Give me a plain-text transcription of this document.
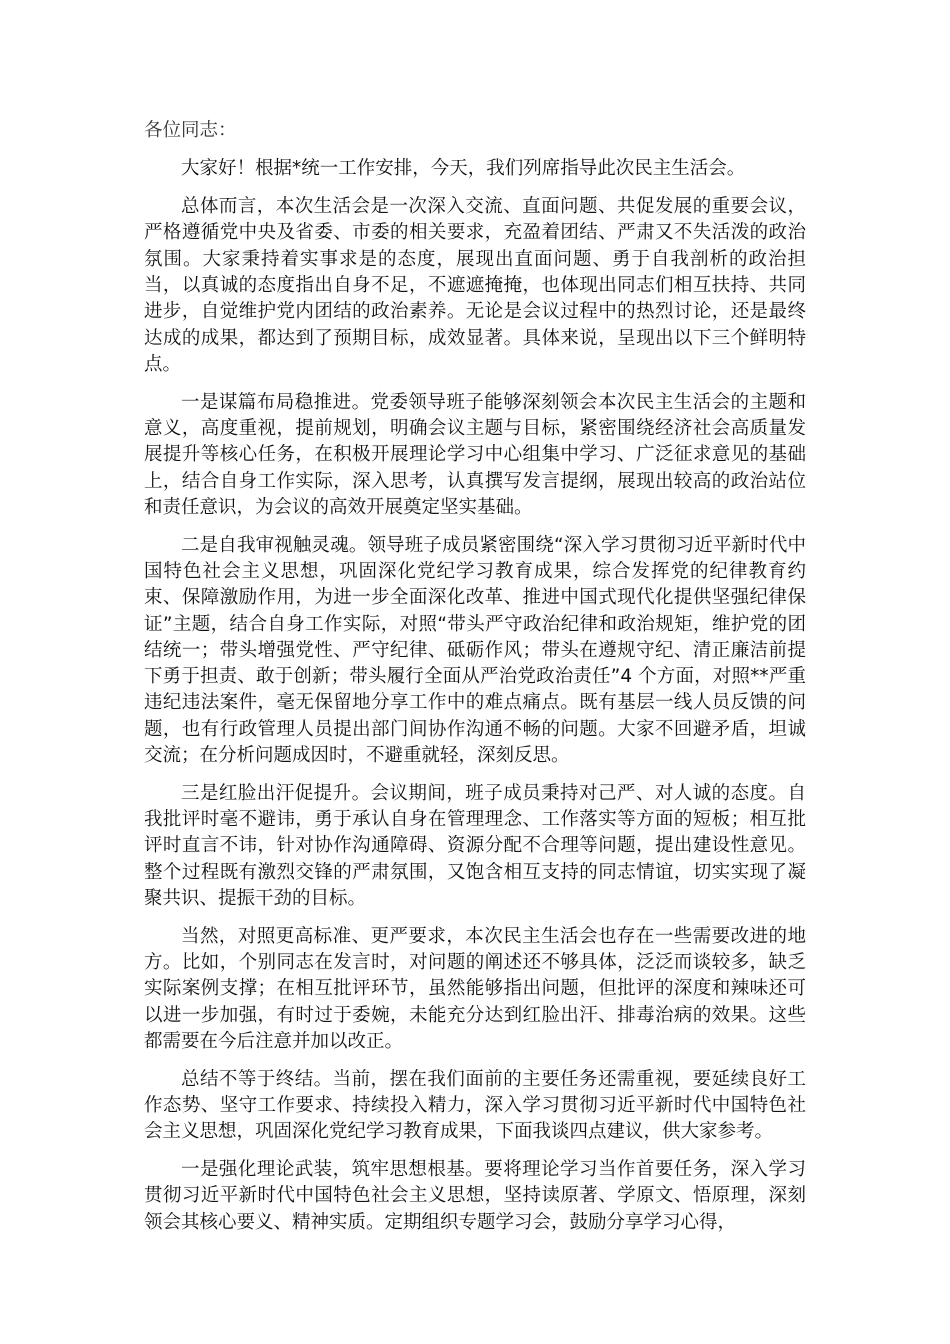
各位同志：

大家好！根据*统一工作安排，今天，我们列席指导此次民主生活会。

总体而言，本次生活会是一次深入交流、直面问题、共促发展的重要会议，严格遵循党中央及省委、市委的相关要求，充盈着团结、严肃又不失活泼的政治氛围。大家秉持着实事求是的态度，展现出直面问题、勇于自我剖析的政治担当，以真诚的态度指出自身不足，不遮遮掩掩，也体现出同志们相互扶持、共同进步，自觉维护党内团结的政治素养。无论是会议过程中的热烈讨论，还是最终达成的成果，都达到了预期目标，成效显著。具体来说，呈现出以下三个鲜明特点。

一是谋篇布局稳推进。党委领导班子能够深刻领会本次民主生活会的主题和意义，高度重视，提前规划，明确会议主题与目标，紧密围绕经济社会高质量发展提升等核心任务，在积极开展理论学习中心组集中学习、广泛征求意见的基础上，结合自身工作实际，深入思考，认真撰写发言提纲，展现出较高的政治站位和责任意识，为会议的高效开展奠定坚实基础。

二是自我审视触灵魂。领导班子成员紧密围绕“深入学习贯彻习近平新时代中国特色社会主义思想，巩固深化党纪学习教育成果，综合发挥党的纪律教育约束、保障激励作用，为进一步全面深化改革、推进中国式现代化提供坚强纪律保证”主题，结合自身工作实际，对照“带头严守政治纪律和政治规矩，维护党的团结统一；带头增强党性、严守纪律、砥砺作风；带头在遵规守纪、清正廉洁前提下勇于担责、敢于创新；带头履行全面从严治党政治责任”4 个方面，对照**严重违纪违法案件，毫无保留地分享工作中的难点痛点。既有基层一线人员反馈的问题，也有行政管理人员提出部门间协作沟通不畅的问题。大家不回避矛盾，坦诚交流；在分析问题成因时，不避重就轻，深刻反思。

三是红脸出汗促提升。会议期间，班子成员秉持对己严、对人诚的态度。自我批评时毫不避讳，勇于承认自身在管理理念、工作落实等方面的短板；相互批评时直言不讳，针对协作沟通障碍、资源分配不合理等问题，提出建设性意见。整个过程既有激烈交锋的严肃氛围，又饱含相互支持的同志情谊，切实实现了凝聚共识、提振干劲的目标。

当然，对照更高标准、更严要求，本次民主生活会也存在一些需要改进的地方。比如，个别同志在发言时，对问题的阐述还不够具体，泛泛而谈较多，缺乏实际案例支撑；在相互批评环节，虽然能够指出问题，但批评的深度和辣味还可以进一步加强，有时过于委婉，未能充分达到红脸出汗、排毒治病的效果。这些都需要在今后注意并加以改正。

总结不等于终结。当前，摆在我们面前的主要任务还需重视，要延续良好工作态势、坚守工作要求、持续投入精力，深入学习贯彻习近平新时代中国特色社会主义思想，巩固深化党纪学习教育成果，下面我谈四点建议，供大家参考。

一是强化理论武装，筑牢思想根基。要将理论学习当作首要任务，深入学习贯彻习近平新时代中国特色社会主义思想，坚持读原著、学原文、悟原理，深刻领会其核心要义、精神实质。定期组织专题学习会，鼓励分享学习心得，
